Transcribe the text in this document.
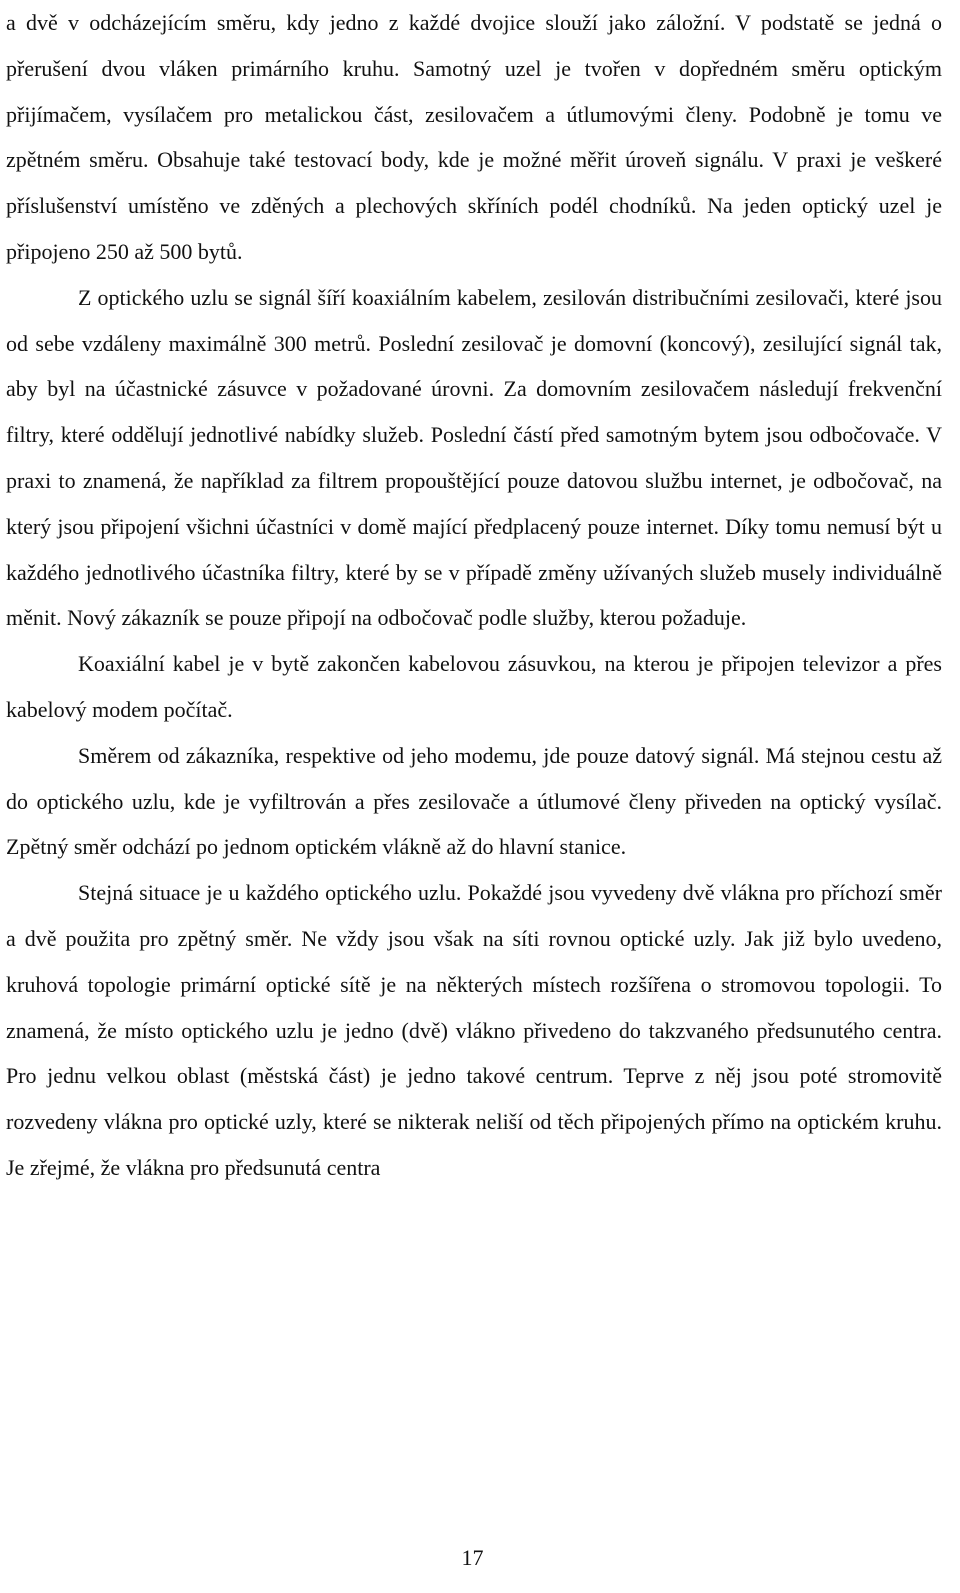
a dvě v odcházejícím směru, kdy jedno z každé dvojice slouží jako záložní. V podstatě se jedná o přerušení dvou vláken primárního kruhu. Samotný uzel je tvořen v dopředném směru optickým přijímačem, vysílačem pro metalickou část, zesilovačem a útlumovými členy. Podobně je tomu ve zpětném směru. Obsahuje také testovací body, kde je možné měřit úroveň signálu. V praxi je veškeré příslušenství umístěno ve zděných a plechových skříních podél chodníků. Na jeden optický uzel je připojeno 250 až 500 bytů.

Z optického uzlu se signál šíří koaxiálním kabelem, zesilován distribučními zesilovači, které jsou od sebe vzdáleny maximálně 300 metrů. Poslední zesilovač je domovní (koncový), zesilující signál tak, aby byl na účastnické zásuvce v požadované úrovni. Za domovním zesilovačem následují frekvenční filtry, které oddělují jednotlivé nabídky služeb. Poslední částí před samotným bytem jsou odbočovače. V praxi to znamená, že například za filtrem propouštějící pouze datovou službu internet, je odbočovač, na který jsou připojení všichni účastníci v domě mající předplacený pouze internet. Díky tomu nemusí být u každého jednotlivého účastníka filtry, které by se v případě změny užívaných služeb musely individuálně měnit. Nový zákazník se pouze připojí na odbočovač podle služby, kterou požaduje.

Koaxiální kabel je v bytě zakončen kabelovou zásuvkou, na kterou je připojen televizor a přes kabelový modem počítač.

Směrem od zákazníka, respektive od jeho modemu, jde pouze datový signál. Má stejnou cestu až do optického uzlu, kde je vyfiltrován a přes zesilovače a útlumové členy přiveden na optický vysílač. Zpětný směr odchází po jednom optickém vlákně až do hlavní stanice.

Stejná situace je u každého optického uzlu. Pokaždé jsou vyvedeny dvě vlákna pro příchozí směr a dvě použita pro zpětný směr. Ne vždy jsou však na síti rovnou optické uzly. Jak již bylo uvedeno, kruhová topologie primární optické sítě je na některých místech rozšířena o stromovou topologii. To znamená, že místo optického uzlu je jedno (dvě) vlákno přivedeno do takzvaného předsunutého centra. Pro jednu velkou oblast (městská část) je jedno takové centrum. Teprve z něj jsou poté stromovitě rozvedeny vlákna pro optické uzly, které se nikterak neliší od těch připojených přímo na optickém kruhu. Je zřejmé, že vlákna pro předsunutá centra

17
